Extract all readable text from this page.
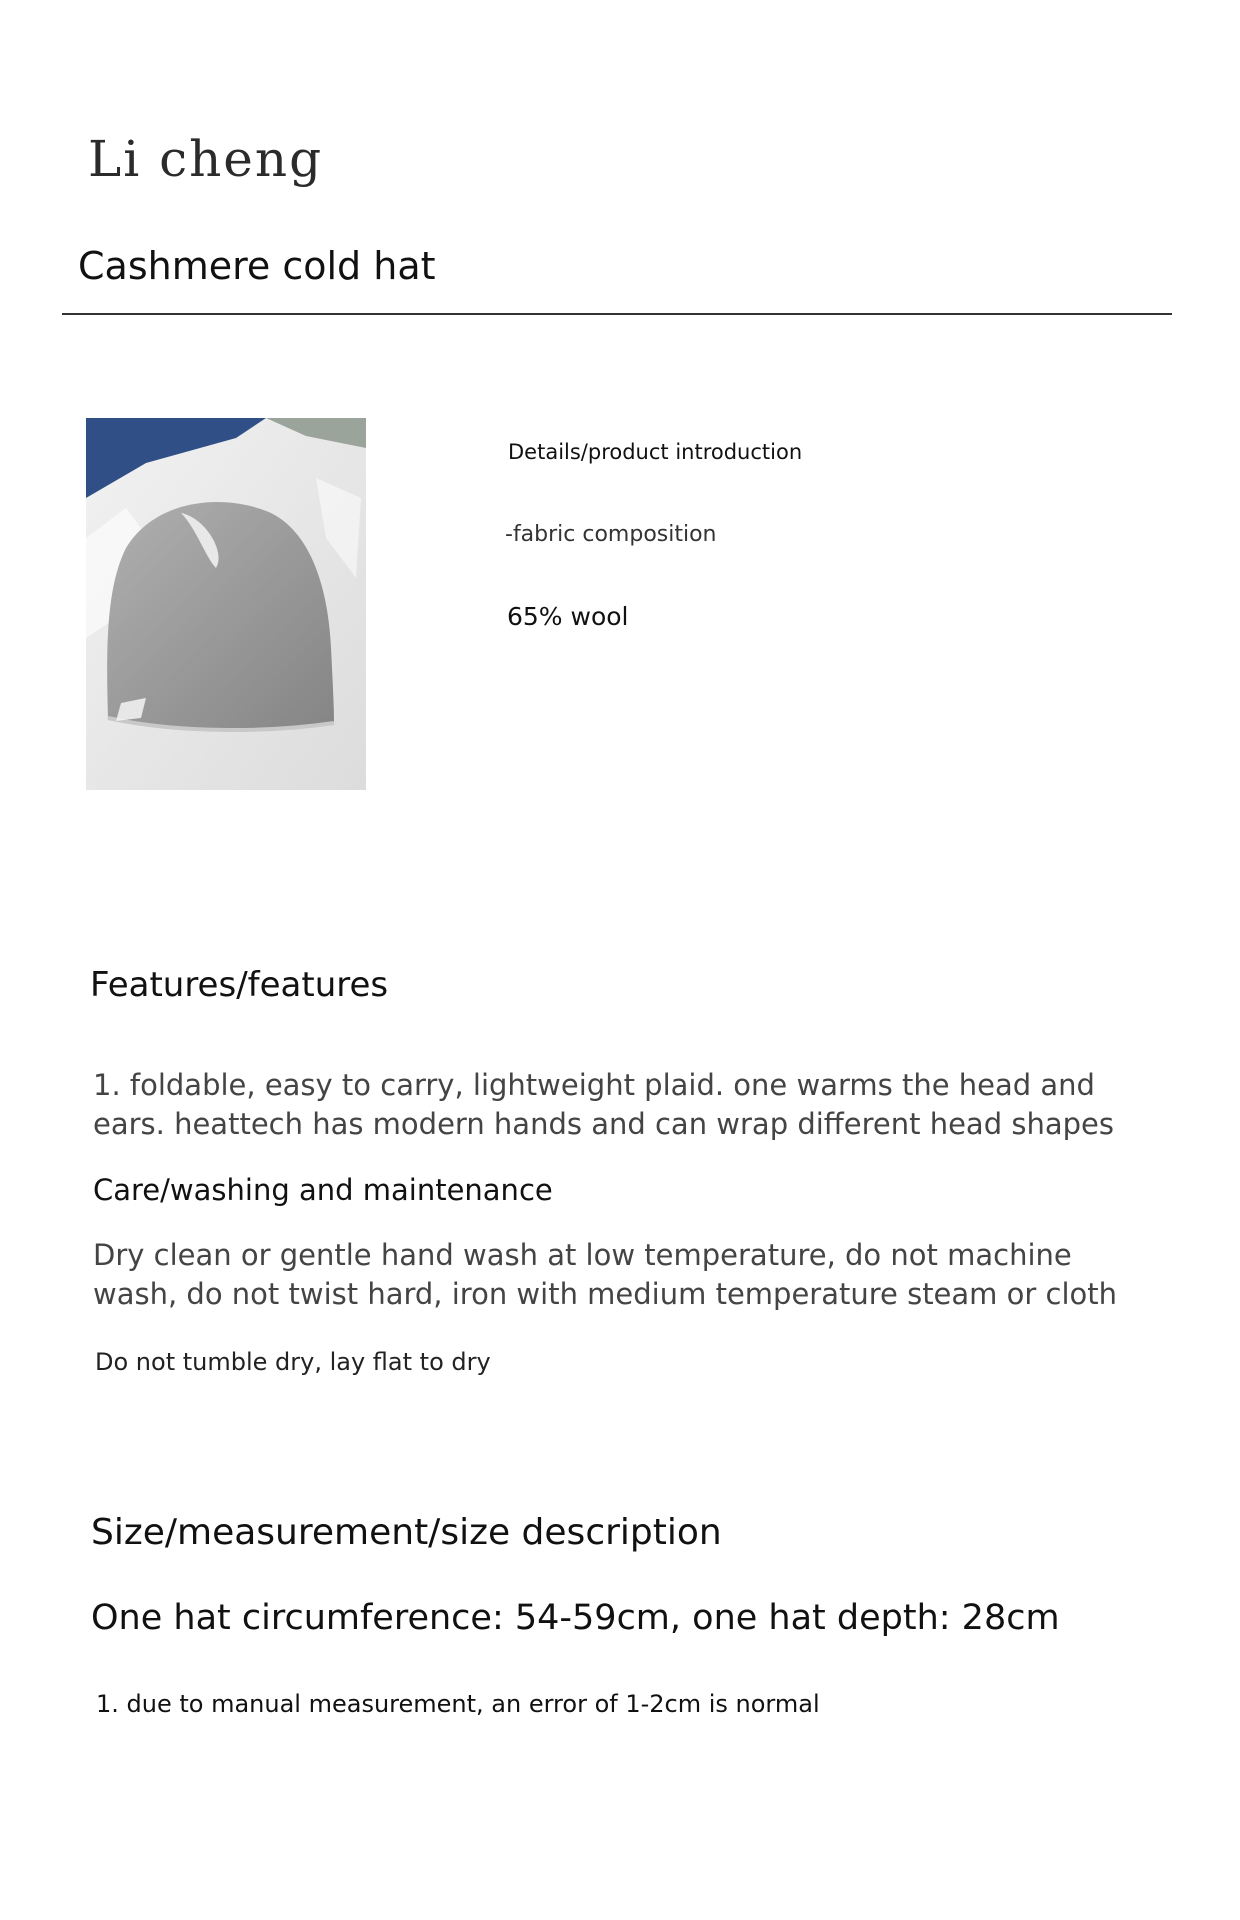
Li cheng
Cashmere cold hat
Details/product introduction
-fabric composition
65% wool
Features/features
1. foldable, easy to carry, lightweight plaid. one warms the head and ears. heattech has modern hands and can wrap different head shapes
Care/washing and maintenance
Dry clean or gentle hand wash at low temperature, do not machine wash, do not twist hard, iron with medium temperature steam or cloth
Do not tumble dry, lay flat to dry
Size/measurement/size description
One hat circumference: 54-59cm, one hat depth: 28cm
1. due to manual measurement, an error of 1-2cm is normal
